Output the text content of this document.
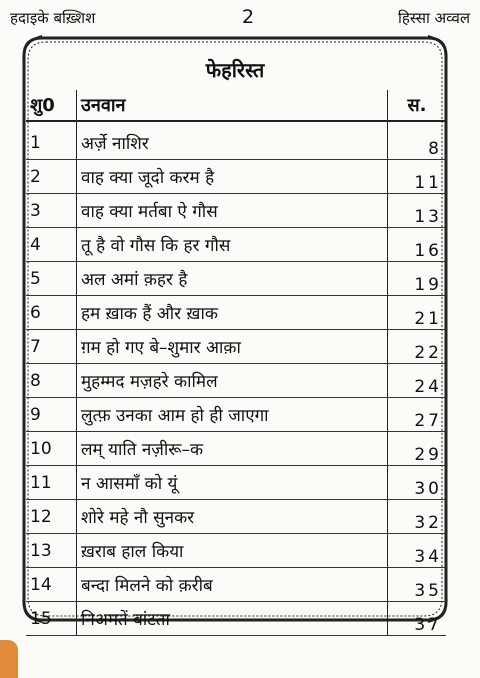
हदाइके बख़्शिश	2	हिस्सा अव्वल
फेहरिस्त
शु0	उनवान	स.
1	अर्ज़े नाशिर	8
2	वाह क्या जूदो करम है	11
3	वाह क्या मर्तबा ऐ गौस	13
4	तू है वो गौस कि हर गौस	16
5	अल अमां क़हर है	19
6	हम ख़ाक हैं और ख़ाक	21
7	ग़म हो गए बे–शुमार आक़ा	22
8	मुहम्मद मज़हरे कामिल	24
9	लुत्फ़ उनका आम हो ही जाएगा	27
10	लम् याति नज़ीरू–क	29
11	न आसमाँ को यूं	30
12	शोरे महे नौ सुनकर	32
13	ख़राब हाल किया	34
14	बन्दा मिलने को क़रीब	35
15	निअमतें बांटता	37
